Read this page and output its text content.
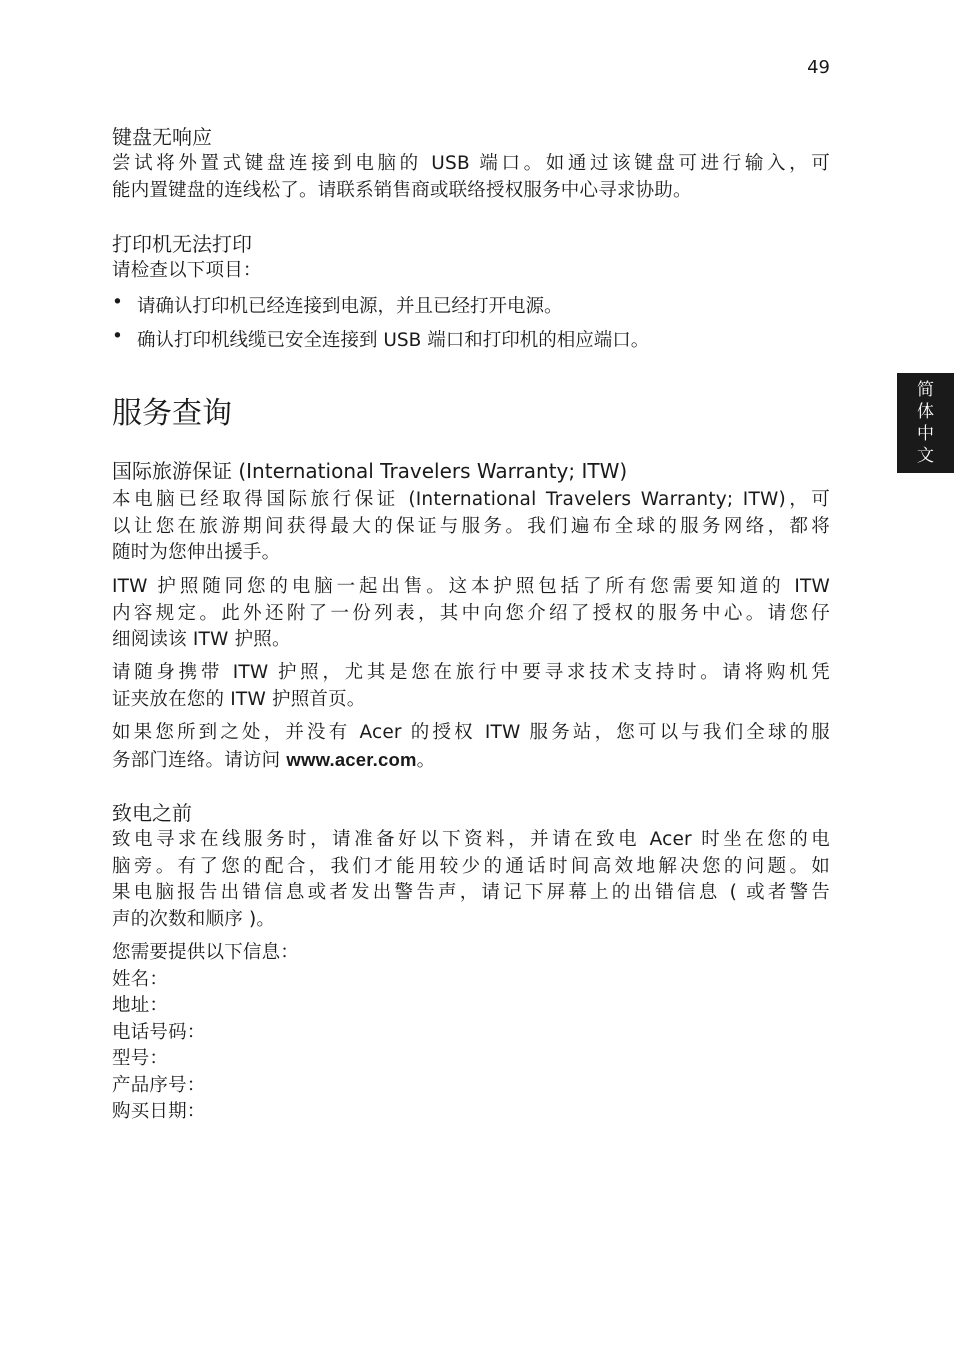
49
简
体
中
文
键盘无响应
尝试将外置式键盘连接到电脑的 USB 端口。如通过该键盘可进行输入，可
能内置键盘的连线松了。请联系销售商或联络授权服务中心寻求协助。
打印机无法打印
请检查以下项目：
• 请确认打印机已经连接到电源，并且已经打开电源。
• 确认打印机线缆已安全连接到 USB 端口和打印机的相应端口。
服务查询
国际旅游保证 (International Travelers Warranty; ITW)
本电脑已经取得国际旅行保证 (International Travelers Warranty; ITW)，可
以让您在旅游期间获得最大的保证与服务。我们遍布全球的服务网络，都将
随时为您伸出援手。
ITW 护照随同您的电脑一起出售。这本护照包括了所有您需要知道的 ITW
内容规定。此外还附了一份列表，其中向您介绍了授权的服务中心。请您仔
细阅读该 ITW 护照。
请随身携带 ITW 护照，尤其是您在旅行中要寻求技术支持时。请将购机凭
证夹放在您的 ITW 护照首页。
如果您所到之处，并没有 Acer 的授权 ITW 服务站，您可以与我们全球的服
务部门连络。请访问 www.acer.com。
致电之前
致电寻求在线服务时，请准备好以下资料，并请在致电 Acer 时坐在您的电
脑旁。有了您的配合，我们才能用较少的通话时间高效地解决您的问题。如
果电脑报告出错信息或者发出警告声，请记下屏幕上的出错信息 ( 或者警告
声的次数和顺序 )。
您需要提供以下信息：
姓名：
地址：
电话号码：
型号：
产品序号：
购买日期：
